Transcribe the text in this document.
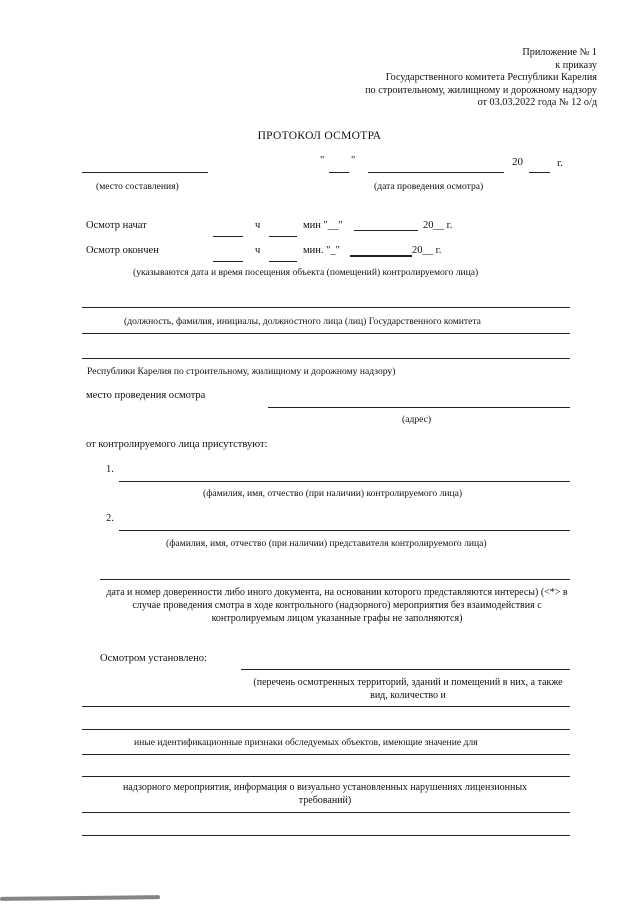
Приложение № 1
к приказу
Государственного комитета Республики Карелия
по строительному, жилищному и дорожному надзору
от 03.03.2022 года № 12 о/д
ПРОТОКОЛ ОСМОТРА
"	"	20	г.
(место составления)	(дата проведения осмотра)
Осмотр начат	ч	мин "__"	20__ г.
Осмотр окончен	ч	мин. "_"	20__ г.
(указываются дата и время посещения объекта (помещений) контролируемого лица)
(должность, фамилия, инициалы, должностного лица (лиц) Государственного комитета
Республики Карелия по строительному, жилищному и дорожному надзору)
место проведения осмотра
(адрес)
от контролируемого лица присутствуют:
1.
(фамилия, имя, отчество (при наличии) контролируемого лица)
2.
(фамилия, имя, отчество (при наличии) представителя контролируемого лица)
дата и номер доверенности либо иного документа, на основании которого представляются интересы) (<*> в случае проведения смотра в ходе контрольного (надзорного) мероприятия без взаимодействия с контролируемым лицом указанные графы не заполняются)
Осмотром установлено:
(перечень осмотренных территорий, зданий и помещений в них, а также вид, количество и
иные идентификационные признаки обследуемых объектов, имеющие значение для
надзорного мероприятия, информация о визуально установленных нарушениях лицензионных требований)
